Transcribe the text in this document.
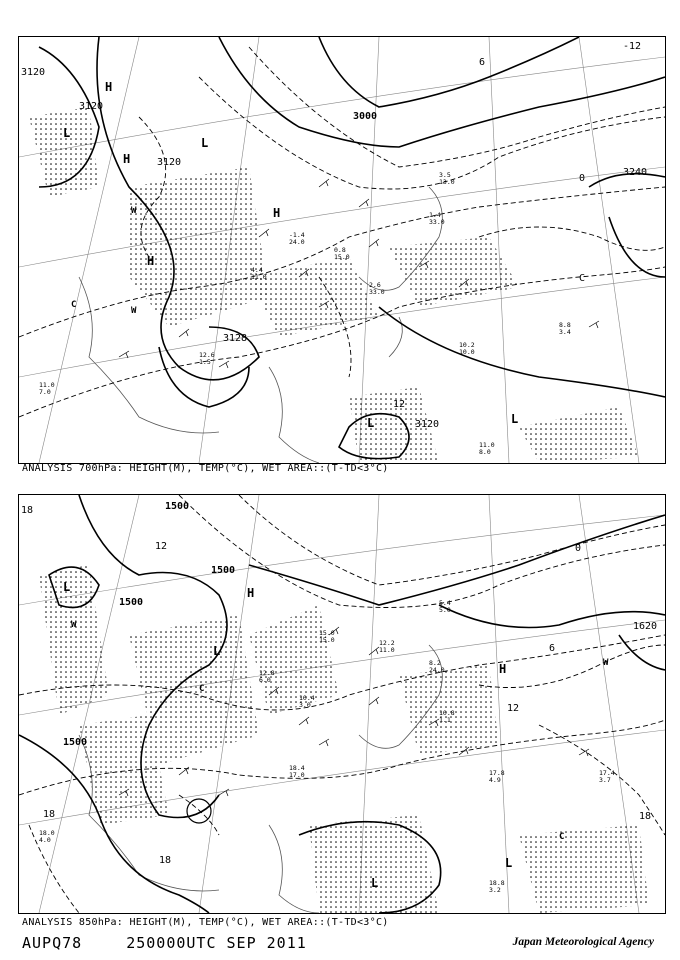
4.4
11.0
-1.4
24.0
0.8
15.0
2.6
33.0
1.4
33.0
10.2
10.0
12.6
1.5
11.0
8.0
11.0
7.0
3.5
13.0
8.8
3.4
3120
3120
3120
3000
3240
3128
3120
-12
6
0
C
12
H
H
H
H
L
L
L	L
W
W
C
ANALYSIS 700hPa: HEIGHT(M), TEMP(°C), WET AREA::(T-TD<3°C)
12.8
6.0
10.4
3.0
15.0
15.0	12.2
11.0
8.2
24.0
10.8
1.1
18.4
17.0	17.8
4.9
18.8
3.2
18.0
4.0
17.4
3.7
5.4
5.0
1500
1500
1500
1500
1620
18
12
6
0
12
18
18
18
H
H
L
L
L
L
W
W
C
C
ANALYSIS 850hPa: HEIGHT(M), TEMP(°C), WET AREA::(T-TD<3°C)
AUPQ78	250000UTC SEP 2011	Japan Meteorological Agency
